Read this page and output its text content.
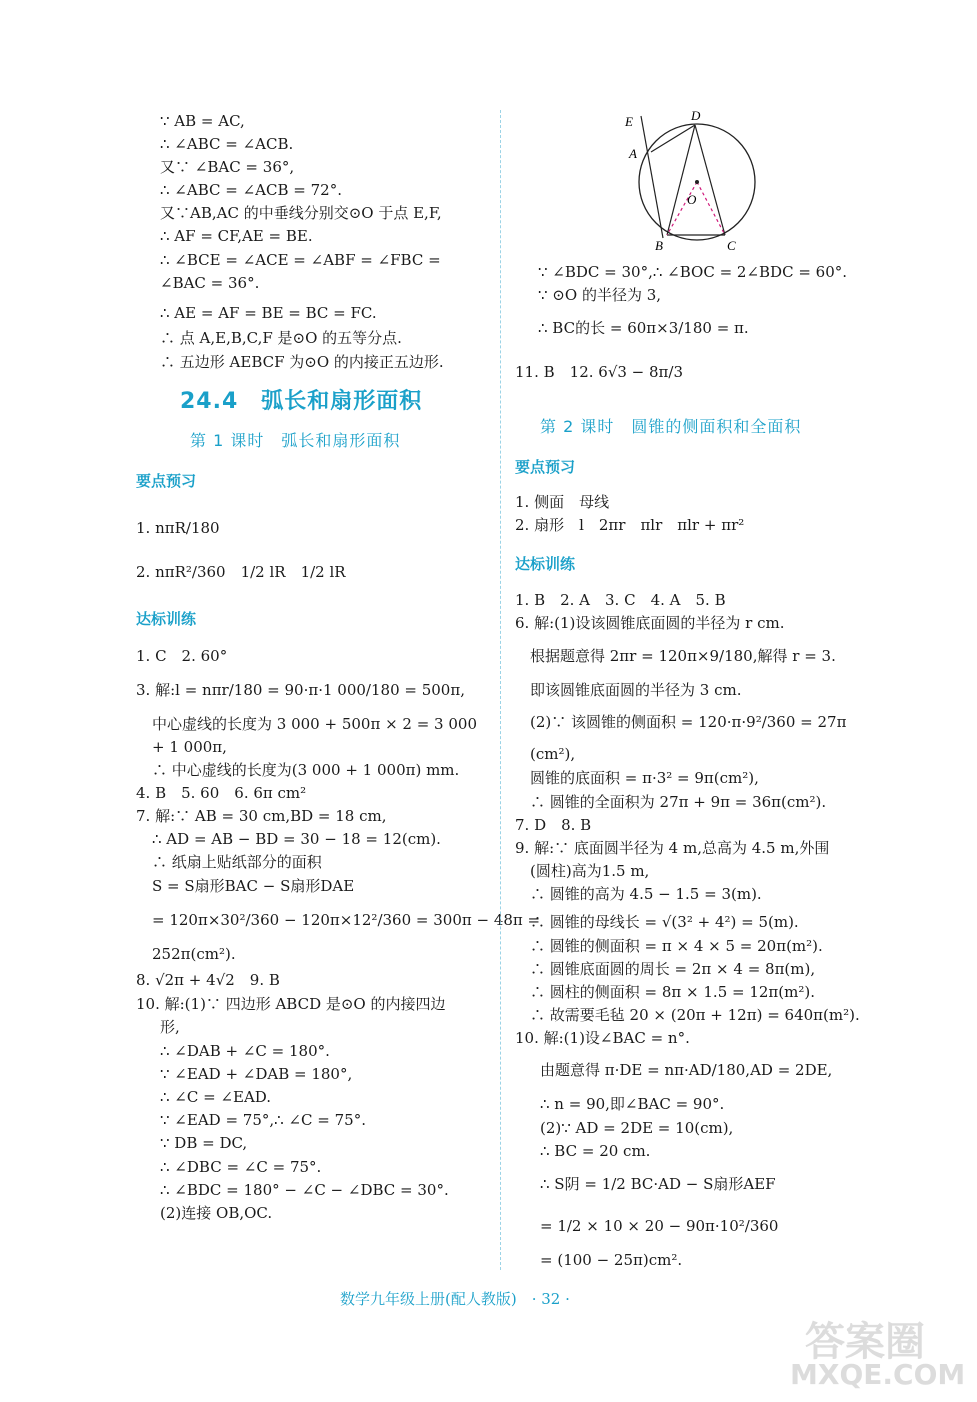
∵ AB = AC,
∴ ∠ABC = ∠ACB.
又∵ ∠BAC = 36°,
∴ ∠ABC = ∠ACB = 72°.
又∵AB,AC 的中垂线分别交⊙O 于点 E,F,
∴ AF = CF,AE = BE.
∴ ∠BCE = ∠ACE = ∠ABF = ∠FBC =
∠BAC = 36°.
∴ AE = AF = BE = BC = FC.
∴ 点 A,E,B,C,F 是⊙O 的五等分点.
∴ 五边形 AEBCF 为⊙O 的内接正五边形.
24.4　弧长和扇形面积
第 1 课时　弧长和扇形面积
要点预习
1. nπR/180
2. nπR²/360　1/2 lR　1/2 lR
达标训练
1. C　2. 60°
3. 解:l = nπr/180 = 90·π·1 000/180 = 500π,
中心虚线的长度为 3 000 + 500π × 2 = 3 000
+ 1 000π,
∴ 中心虚线的长度为(3 000 + 1 000π) mm.
4. B　5. 60　6. 6π cm²
7. 解:∵ AB = 30 cm,BD = 18 cm,
∴ AD = AB − BD = 30 − 18 = 12(cm).
∴ 纸扇上贴纸部分的面积
S = S扇形BAC − S扇形DAE
= 120π×30²/360 − 120π×12²/360 = 300π − 48π =
252π(cm²).
8. √2π + 4√2　9. B
10. 解:(1)∵ 四边形 ABCD 是⊙O 的内接四边
形,
∴ ∠DAB + ∠C = 180°.
∵ ∠EAD + ∠DAB = 180°,
∴ ∠C = ∠EAD.
∵ ∠EAD = 75°,∴ ∠C = 75°.
∵ DB = DC,
∴ ∠DBC = ∠C = 75°.
∴ ∠BDC = 180° − ∠C − ∠DBC = 30°.
(2)连接 OB,OC.
E	D
A
O
B	C
∵ ∠BDC = 30°,∴ ∠BOC = 2∠BDC = 60°.
∵ ⊙O 的半径为 3,
∴ BC的长 = 60π×3/180 = π.
11. B　12. 6√3 − 8π/3
第 2 课时　圆锥的侧面积和全面积
要点预习
1. 侧面　母线
2. 扇形　l　2πr　πlr　πlr + πr²
达标训练
1. B　2. A　3. C　4. A　5. B
6. 解:(1)设该圆锥底面圆的半径为 r cm.
根据题意得 2πr = 120π×9/180,解得 r = 3.
即该圆锥底面圆的半径为 3 cm.
(2)∵ 该圆锥的侧面积 = 120·π·9²/360 = 27π
(cm²),
圆锥的底面积 = π·3² = 9π(cm²),
∴ 圆锥的全面积为 27π + 9π = 36π(cm²).
7. D　8. B
9. 解:∵ 底面圆半径为 4 m,总高为 4.5 m,外围
(圆柱)高为1.5 m,
∴ 圆锥的高为 4.5 − 1.5 = 3(m).
∴ 圆锥的母线长 = √(3² + 4²) = 5(m).
∴ 圆锥的侧面积 = π × 4 × 5 = 20π(m²).
∴ 圆锥底面圆的周长 = 2π × 4 = 8π(m),
∴ 圆柱的侧面积 = 8π × 1.5 = 12π(m²).
∴ 故需要毛毡 20 × (20π + 12π) = 640π(m²).
10. 解:(1)设∠BAC = n°.
由题意得 π·DE = nπ·AD/180,AD = 2DE,
∴ n = 90,即∠BAC = 90°.
(2)∵ AD = 2DE = 10(cm),
∴ BC = 20 cm.
∴ S阴 = 1/2 BC·AD − S扇形AEF
= 1/2 × 10 × 20 − 90π·10²/360
= (100 − 25π)cm².
数学九年级上册(配人教版)　· 32 ·
答案圈
MXQE.COM
